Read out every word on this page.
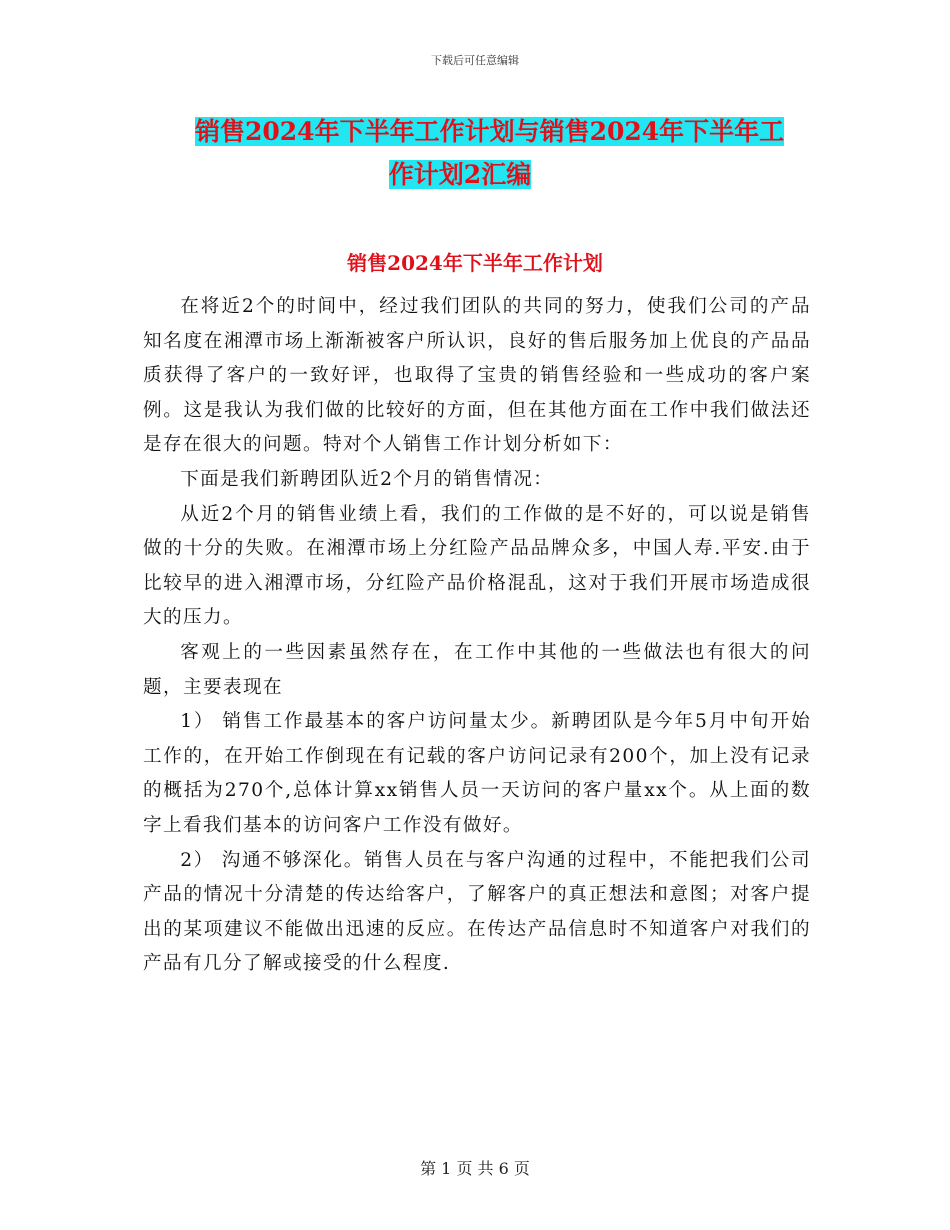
下载后可任意编辑
销售2024年下半年工作计划与销售2024年下半年工
作计划2汇编
销售2024年下半年工作计划

在将近2个的时间中，经过我们团队的共同的努力，使我们公司的产品知名度在湘潭市场上渐渐被客户所认识，良好的售后服务加上优良的产品品质获得了客户的一致好评，也取得了宝贵的销售经验和一些成功的客户案例。这是我认为我们做的比较好的方面，但在其他方面在工作中我们做法还是存在很大的问题。特对个人销售工作计划分析如下：

下面是我们新聘团队近2个月的销售情况：

从近2个月的销售业绩上看，我们的工作做的是不好的，可以说是销售做的十分的失败。在湘潭市场上分红险产品品牌众多，中国人寿.平安.由于比较早的进入湘潭市场，分红险产品价格混乱，这对于我们开展市场造成很大的压力。

客观上的一些因素虽然存在，在工作中其他的一些做法也有很大的问题，主要表现在

1） 销售工作最基本的客户访问量太少。新聘团队是今年5月中旬开始工作的，在开始工作倒现在有记载的客户访问记录有200个，加上没有记录的概括为270个,总体计算xx销售人员一天访问的客户量xx个。从上面的数字上看我们基本的访问客户工作没有做好。

2） 沟通不够深化。销售人员在与客户沟通的过程中，不能把我们公司产品的情况十分清楚的传达给客户，了解客户的真正想法和意图；对客户提出的某项建议不能做出迅速的反应。在传达产品信息时不知道客户对我们的产品有几分了解或接受的什么程度.

第 1 页 共 6 页
